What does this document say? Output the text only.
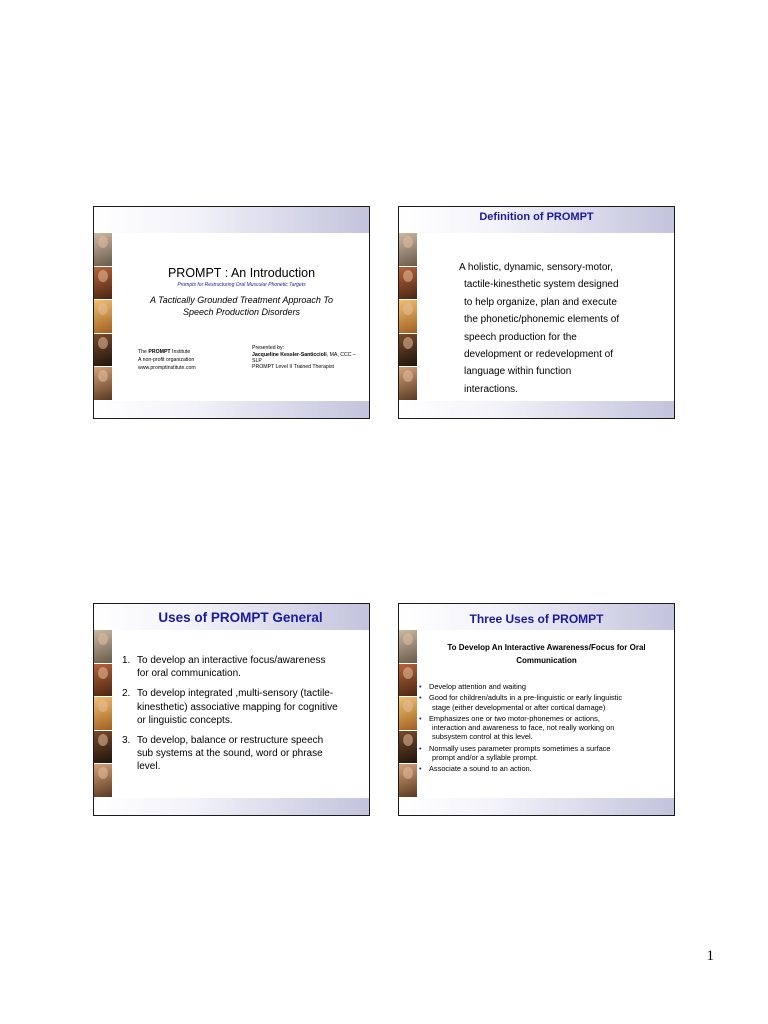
PROMPT : An Introduction
Prompts for Restructuring Oral Muscular Phonetic Targets
A Tactically Grounded Treatment Approach To
Speech Production Disorders
The PROMPT Institute
A non-profit organization
www.promptinstitute.com
Presented by:
Jacqueline Kessler-Santiccioli, MA, CCC –
SLP
PROMPT Level II Trained Therapist
Definition of PROMPT
A holistic, dynamic, sensory-motor,
tactile-kinesthetic system designed
to help organize, plan and execute
the phonetic/phonemic elements of
speech production for the
development or redevelopment of
language within function
interactions.
Uses of PROMPT General
1. To develop an interactive focus/awareness
for oral communication.
2. To develop integrated ,multi-sensory (tactile-
kinesthetic) associative mapping for cognitive
or linguistic concepts.
3. To develop, balance or restructure speech
sub systems at the sound, word or phrase
level.
Three Uses of PROMPT
To Develop An Interactive Awareness/Focus for Oral
Communication
•	Develop attention and waiting
•	Good for children/adults in a pre-linguistic or early linguistic
stage (either developmental or after cortical damage)
•	Emphasizes one or two motor-phonemes or actions,
interaction and awareness to face, not really working on
subsystem control at this level.
•	Normally uses parameter prompts sometimes a surface
prompt and/or a syllable prompt.
•	Associate a sound to an action.
1
